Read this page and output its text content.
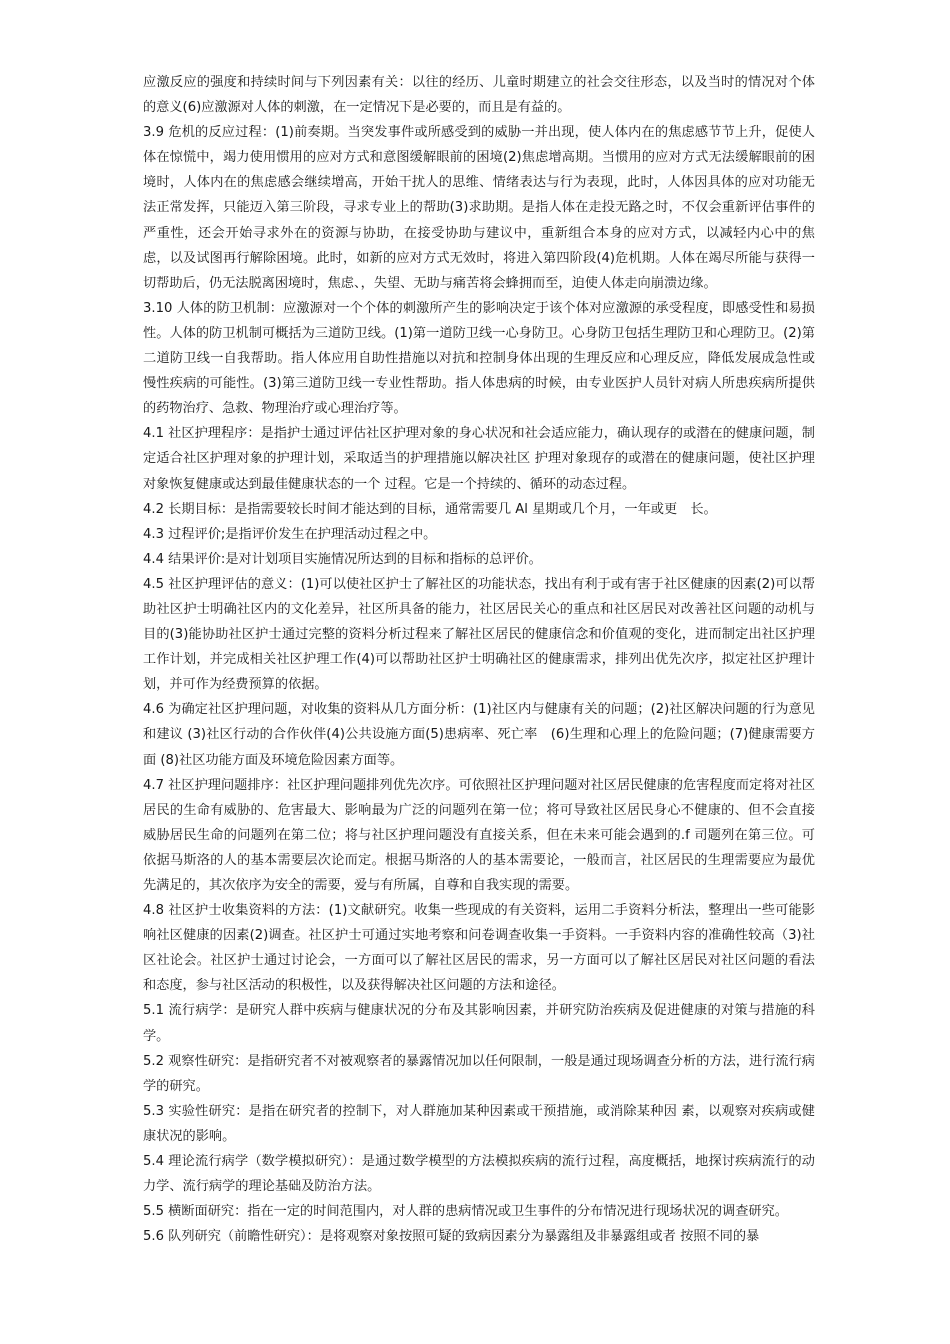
应激反应的强度和持续时间与下列因素有关：以往的经历、儿童时期建立的社会交往形态，以及当时的情况对个体的意义(6)应激源对人体的刺激，在一定情况下是必要的，而且是有益的。

3.9 危机的反应过程：(1)前奏期。当突发事件或所感受到的威胁一并出现，使人体内在的焦虑感节节上升，促使人体在惊慌中，竭力使用惯用的应对方式和意图缓解眼前的困境(2)焦虑增高期。当惯用的应对方式无法缓解眼前的困境时，人体内在的焦虑感会继续增高，开始干扰人的思维、情绪表达与行为表现，此时，人体因具体的应对功能无法正常发挥，只能迈入第三阶段，寻求专业上的帮助(3)求助期。是指人体在走投无路之时，不仅会重新评估事件的严重性，还会开始寻求外在的资源与协助，在接受协助与建议中，重新组合本身的应对方式，以减轻内心中的焦虑，以及试图再行解除困境。此时，如新的应对方式无效时，将进入第四阶段(4)危机期。人体在竭尽所能与获得一切帮助后，仍无法脱离困境时，焦虑、，失望、无助与痛苦将会蜂拥而至，迫使人体走向崩溃边缘。

3.10 人体的防卫机制：应激源对一个个体的刺激所产生的影响决定于该个体对应激源的承受程度，即感受性和易损性。人体的防卫机制可概括为三道防卫线。(1)第一道防卫线一心身防卫。心身防卫包括生理防卫和心理防卫。(2)第二道防卫线一自我帮助。指人体应用自助性措施以对抗和控制身体出现的生理反应和心理反应，降低发展成急性或慢性疾病的可能性。(3)第三道防卫线一专业性帮助。指人体患病的时候，由专业医护人员针对病人所患疾病所提供的药物治疗、急救、物理治疗或心理治疗等。

4.1 社区护理程序：是指护士通过评估社区护理对象的身心状况和社会适应能力，确认现存的或潜在的健康问题，制定适合社区护理对象的护理计划，采取适当的护理措施以解决社区 护理对象现存的或潜在的健康问题，使社区护理对象恢复健康或达到最佳健康状态的一个 过程。它是一个持续的、循环的动态过程。

4.2 长期目标：是指需要较长时间才能达到的目标，通常需要几 Al 星期或几个月，一年或更　长。

4.3 过程评价;是指评价发生在护理活动过程之中。

4.4 结果评价:是对计划项目实施情况所达到的目标和指标的总评价。

4.5 社区护理评估的意义：(1)可以使社区护士了解社区的功能状态，找出有利于或有害于社区健康的因素(2)可以帮助社区护士明确社区内的文化差异，社区所具备的能力，社区居民关心的重点和社区居民对改善社区问题的动机与目的(3)能协助社区护士通过完整的资料分析过程来了解社区居民的健康信念和价值观的变化，进而制定出社区护理工作计划，并完成相关社区护理工作(4)可以帮助社区护士明确社区的健康需求，排列出优先次序，拟定社区护理计划，并可作为经费预算的依据。

4.6 为确定社区护理问题，对收集的资料从几方面分析：(1)社区内与健康有关的问题；(2)社区解决问题的行为意见和建议 (3)社区行动的合作伙伴(4)公共设施方面(5)患病率、死亡率　(6)生理和心理上的危险问题；(7)健康需要方面 (8)社区功能方面及环境危险因素方面等。

4.7 社区护理问题排序：社区护理问题排列优先次序。可依照社区护理问题对社区居民健康的危害程度而定将对社区居民的生命有威胁的、危害最大、影响最为广泛的问题列在第一位；将可导致社区居民身心不健康的、但不会直接威胁居民生命的问题列在第二位；将与社区护理问题没有直接关系，但在未来可能会遇到的.f 司题列在第三位。可依据马斯洛的人的基本需要层次论而定。根据马斯洛的人的基本需要论，一般而言，社区居民的生理需要应为最优先满足的，其次依序为安全的需要，爱与有所属，自尊和自我实现的需要。

4.8 社区护士收集资料的方法：(1)文献研究。收集一些现成的有关资料，运用二手资料分析法，整理出一些可能影响社区健康的因素(2)调查。社区护士可通过实地考察和问卷调查收集一手资料。一手资料内容的准确性较高（3)社区社论会。社区护士通过讨论会，一方面可以了解社区居民的需求，另一方面可以了解社区居民对社区问题的看法和态度，参与社区活动的积极性，以及获得解决社区问题的方法和途径。

5.1 流行病学：是研究人群中疾病与健康状况的分布及其影响因素，并研究防治疾病及促进健康的对策与措施的科学。

5.2 观察性研究：是指研究者不对被观察者的暴露情况加以任何限制，一般是通过现场调查分析的方法，进行流行病学的研究。

5.3 实验性研究：是指在研究者的控制下，对人群施加某种因素或干预措施，或消除某种因 素，以观察对疾病或健康状况的影响。

5.4 理论流行病学（数学模拟研究）：是通过数学模型的方法模拟疾病的流行过程，高度概括，地探讨疾病流行的动力学、流行病学的理论基础及防治方法。

5.5 横断面研究：指在一定的时间范围内，对人群的患病情况或卫生事件的分布情况进行现场状况的调查研究。

5.6 队列研究（前瞻性研究）：是将观察对象按照可疑的致病因素分为暴露组及非暴露组或者 按照不同的暴
